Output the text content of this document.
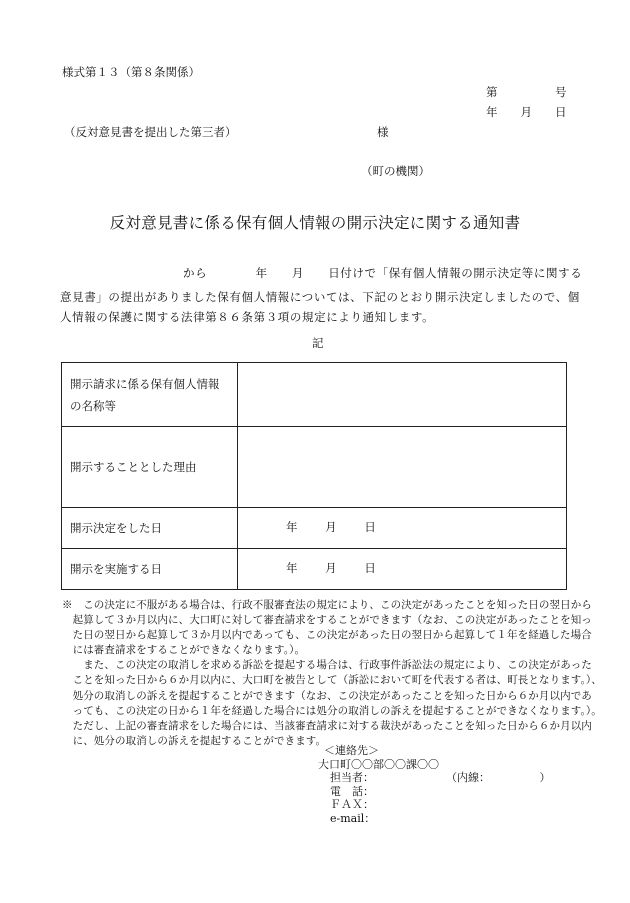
様式第１３（第８条関係）
第　　　　　号
年　　月　　日
（反対意見書を提出した第三者）	様
（町の機関）
反対意見書に係る保有個人情報の開示決定に関する通知書
から　　　　年　　月　　日付けで「保有個人情報の開示決定等に関する
意見書」の提出がありました保有個人情報については、下記のとおり開示決定しましたので、個
人情報の保護に関する法律第８６条第３項の規定により通知します。
記
開示請求に係る保有個人情報
の名称等	
開示することとした理由	
開示決定をした日	年 月 日
開示を実施する日	年 月 日
※　この決定に不服がある場合は、行政不服審査法の規定により、この決定があったことを知った日の翌日から
　起算して３か月以内に、大口町に対して審査請求をすることができます（なお、この決定があったことを知っ
　た日の翌日から起算して３か月以内であっても、この決定があった日の翌日から起算して１年を経過した場合
　には審査請求をすることができなくなります。）。
　　また、この決定の取消しを求める訴訟を提起する場合は、行政事件訴訟法の規定により、この決定があった
　ことを知った日から６か月以内に、大口町を被告として（訴訟において町を代表する者は、町長となります。）、
　処分の取消しの訴えを提起することができます（なお、この決定があったことを知った日から６か月以内であ
　っても、この決定の日から１年を経過した場合には処分の取消しの訴えを提起することができなくなります。）。
　ただし、上記の審査請求をした場合には、当該審査請求に対する裁決があったことを知った日から６か月以内
　に、処分の取消しの訴えを提起することができます。
＜連絡先＞
大口町〇〇部〇〇課〇〇
担当者：	（内線：　　　　　）
電　話：
ＦＡＸ：
e-mail：
